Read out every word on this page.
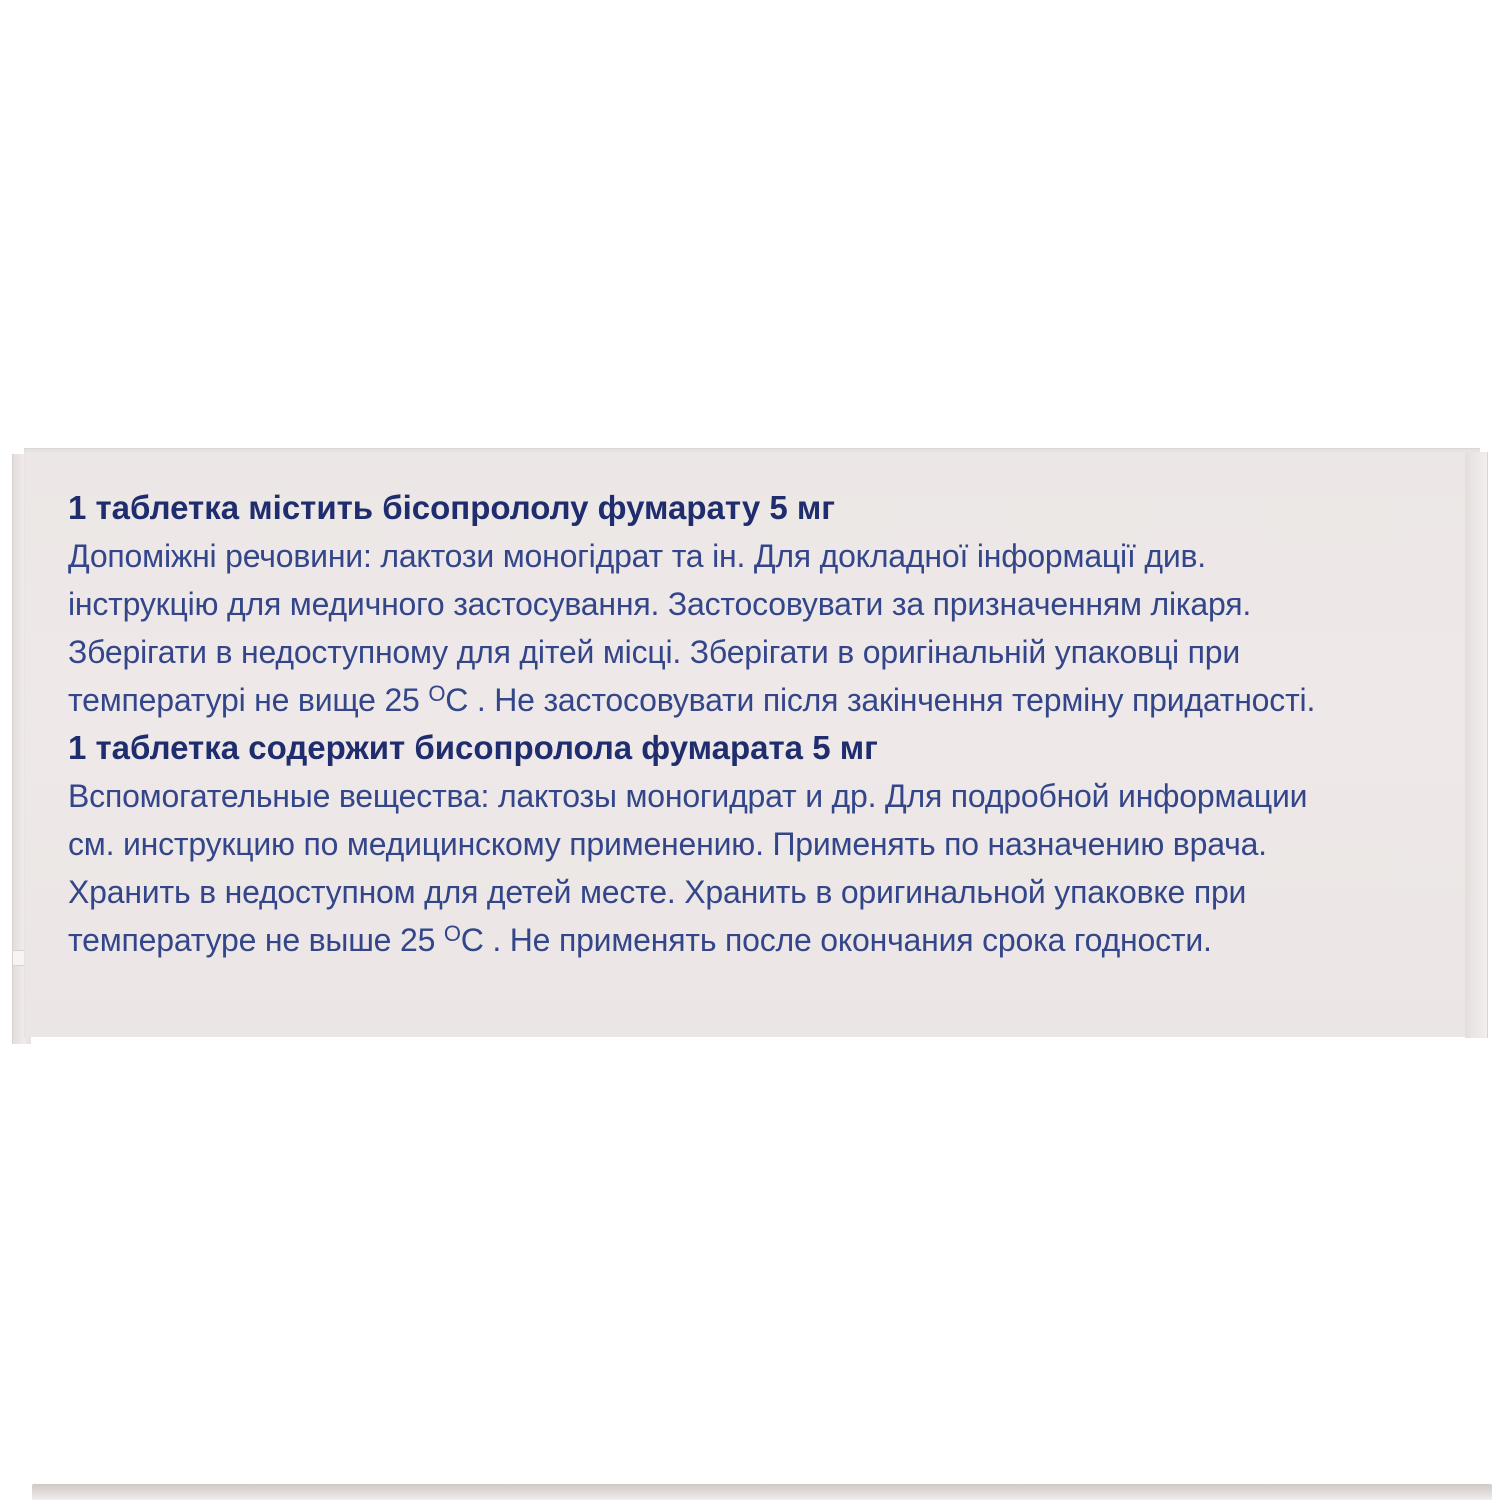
1 таблетка містить бісопрололу фумарату 5 мг
Допоміжні речовини: лактози моногідрат та ін. Для докладної інформації див.
інструкцію для медичного застосування. Застосовувати за призначенням лікаря.
Зберігати в недоступному для дітей місці. Зберігати в оригінальній упаковці при
температурі не вище 25 $^O$C . Не застосовувати після закінчення терміну придатності.
1 таблетка содержит бисопролола фумарата 5 мг
Вспомогательные вещества: лактозы моногидрат и др. Для подробной информации
см. инструкцию по медицинскому применению. Применять по назначению врача.
Хранить в недоступном для детей месте. Хранить в оригинальной упаковке при
температуре не выше 25 $^O$C . Не применять после окончания срока годности.
